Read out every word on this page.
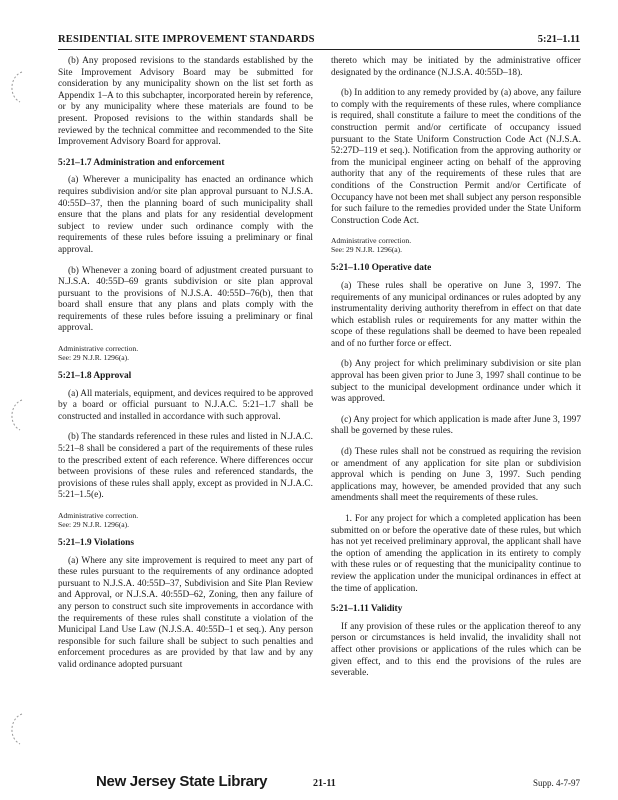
RESIDENTIAL SITE IMPROVEMENT STANDARDS	5:21–1.11

(b) Any proposed revisions to the standards established by the Site Improvement Advisory Board may be submitted for consideration by any municipality shown on the list set forth as Appendix 1–A to this subchapter, incorporated herein by reference, or by any municipality where these materials are found to be present. Proposed revisions to the within standards shall be reviewed by the technical committee and recommended to the Site Improvement Advisory Board for approval.

5:21–1.7 Administration and enforcement

(a) Wherever a municipality has enacted an ordinance which requires subdivision and/or site plan approval pursuant to N.J.S.A. 40:55D–37, then the planning board of such municipality shall ensure that the plans and plats for any residential development subject to review under such ordinance comply with the requirements of these rules before issuing a preliminary or final approval.

(b) Whenever a zoning board of adjustment created pursuant to N.J.S.A. 40:55D–69 grants subdivision or site plan approval pursuant to the provisions of N.J.S.A. 40:55D–76(b), then that board shall ensure that any plans and plats comply with the requirements of these rules before issuing a preliminary or final approval.

Administrative correction.
See: 29 N.J.R. 1296(a).
5:21–1.8 Approval

(a) All materials, equipment, and devices required to be approved by a board or official pursuant to N.J.A.C. 5:21–1.7 shall be constructed and installed in accordance with such approval.

(b) The standards referenced in these rules and listed in N.J.A.C. 5:21–8 shall be considered a part of the requirements of these rules to the prescribed extent of each reference. Where differences occur between provisions of these rules and referenced standards, the provisions of these rules shall apply, except as provided in N.J.A.C. 5:21–1.5(e).

Administrative correction.
See: 29 N.J.R. 1296(a).
5:21–1.9 Violations

(a) Where any site improvement is required to meet any part of these rules pursuant to the requirements of any ordinance adopted pursuant to N.J.S.A. 40:55D–37, Subdivision and Site Plan Review and Approval, or N.J.S.A. 40:55D–62, Zoning, then any failure of any person to construct such site improvements in accordance with the requirements of these rules shall constitute a violation of the Municipal Land Use Law (N.J.S.A. 40:55D–1 et seq.). Any person responsible for such failure shall be subject to such penalties and enforcement procedures as are provided by that law and by any valid ordinance adopted pursuant

thereto which may be initiated by the administrative officer designated by the ordinance (N.J.S.A. 40:55D–18).

(b) In addition to any remedy provided by (a) above, any failure to comply with the requirements of these rules, where compliance is required, shall constitute a failure to meet the conditions of the construction permit and/or certificate of occupancy issued pursuant to the State Uniform Construction Code Act (N.J.S.A. 52:27D–119 et seq.). Notification from the approving authority or from the municipal engineer acting on behalf of the approving authority that any of the requirements of these rules that are conditions of the Construction Permit and/or Certificate of Occupancy have not been met shall subject any person responsible for such failure to the remedies provided under the State Uniform Construction Code Act.

Administrative correction.
See: 29 N.J.R. 1296(a).
5:21–1.10 Operative date

(a) These rules shall be operative on June 3, 1997. The requirements of any municipal ordinances or rules adopted by any instrumentality deriving authority therefrom in effect on that date which establish rules or requirements for any matter within the scope of these regulations shall be deemed to have been repealed and of no further force or effect.

(b) Any project for which preliminary subdivision or site plan approval has been given prior to June 3, 1997 shall continue to be subject to the municipal development ordinance under which it was approved.

(c) Any project for which application is made after June 3, 1997 shall be governed by these rules.

(d) These rules shall not be construed as requiring the revision or amendment of any application for site plan or subdivision approval which is pending on June 3, 1997. Such pending applications may, however, be amended provided that any such amendments shall meet the requirements of these rules.

1. For any project for which a completed application has been submitted on or before the operative date of these rules, but which has not yet received preliminary approval, the applicant shall have the option of amending the application in its entirety to comply with these rules or of requesting that the municipality continue to review the application under the municipal ordinances in effect at the time of application.

5:21–1.11 Validity

If any provision of these rules or the application thereof to any person or circumstances is held invalid, the invalidity shall not affect other provisions or applications of the rules which can be given effect, and to this end the provisions of the rules are severable.

New Jersey State Library	21-11	Supp. 4-7-97
